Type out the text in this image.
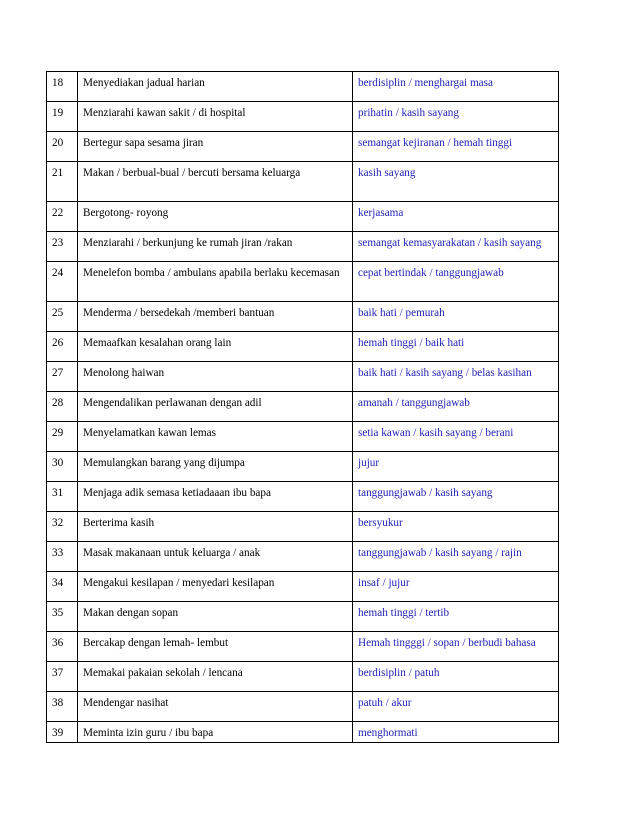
18	Menyediakan jadual harian	berdisiplin / menghargai masa
19	Menziarahi kawan sakit / di hospital	prihatin / kasih sayang
20	Bertegur sapa sesama jiran	semangat kejiranan / hemah tinggi
21	Makan / berbual-bual / bercuti bersama keluarga	kasih sayang
22	Bergotong- royong	kerjasama
23	Menziarahi / berkunjung ke rumah jiran /rakan	semangat kemasyarakatan / kasih sayang
24	Menelefon bomba / ambulans apabila berlaku kecemasan	cepat bertindak / tanggungjawab
25	Menderma / bersedekah /memberi bantuan	baik hati / pemurah
26	Memaafkan kesalahan orang lain	hemah tinggi / baik hati
27	Menolong haiwan	baik hati / kasih sayang / belas kasihan
28	Mengendalikan perlawanan dengan adil	amanah / tanggungjawab
29	Menyelamatkan kawan lemas	setia kawan / kasih sayang / berani
30	Memulangkan barang yang dijumpa	jujur
31	Menjaga adik semasa ketiadaaan ibu bapa	tanggungjawab / kasih sayang
32	Berterima kasih	bersyukur
33	Masak makanaan untuk keluarga / anak	tanggungjawab / kasih sayang / rajin
34	Mengakui kesilapan / menyedari kesilapan	insaf / jujur
35	Makan dengan sopan	hemah tinggi / tertib
36	Bercakap dengan lemah- lembut	Hemah tingggi / sopan / berbudi bahasa
37	Memakai pakaian sekolah / lencana	berdisiplin / patuh
38	Mendengar nasihat	patuh / akur
39	Meminta izin guru / ibu bapa	menghormati
